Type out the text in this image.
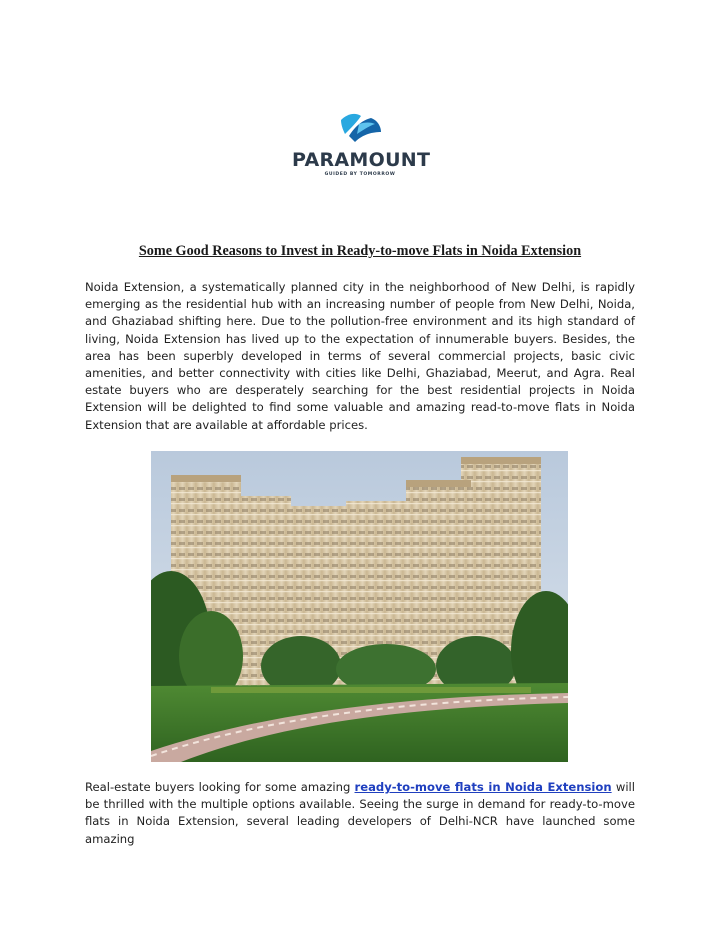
PARAMOUNT
GUIDED BY TOMORROW
Some Good Reasons to Invest in Ready-to-move Flats in Noida Extension

Noida Extension, a systematically planned city in the neighborhood of New Delhi, is rapidly emerging as the residential hub with an increasing number of people from New Delhi, Noida, and Ghaziabad shifting here. Due to the pollution-free environment and its high standard of living, Noida Extension has lived up to the expectation of innumerable buyers. Besides, the area has been superbly developed in terms of several commercial projects, basic civic amenities, and better connectivity with cities like Delhi, Ghaziabad, Meerut, and Agra. Real estate buyers who are desperately searching for the best residential projects in Noida Extension will be delighted to find some valuable and amazing read-to-move flats in Noida Extension that are available at affordable prices.

Real-estate buyers looking for some amazing ready-to-move flats in Noida Extension will be thrilled with the multiple options available. Seeing the surge in demand for ready-to-move flats in Noida Extension, several leading developers of Delhi-NCR have launched some amazing
